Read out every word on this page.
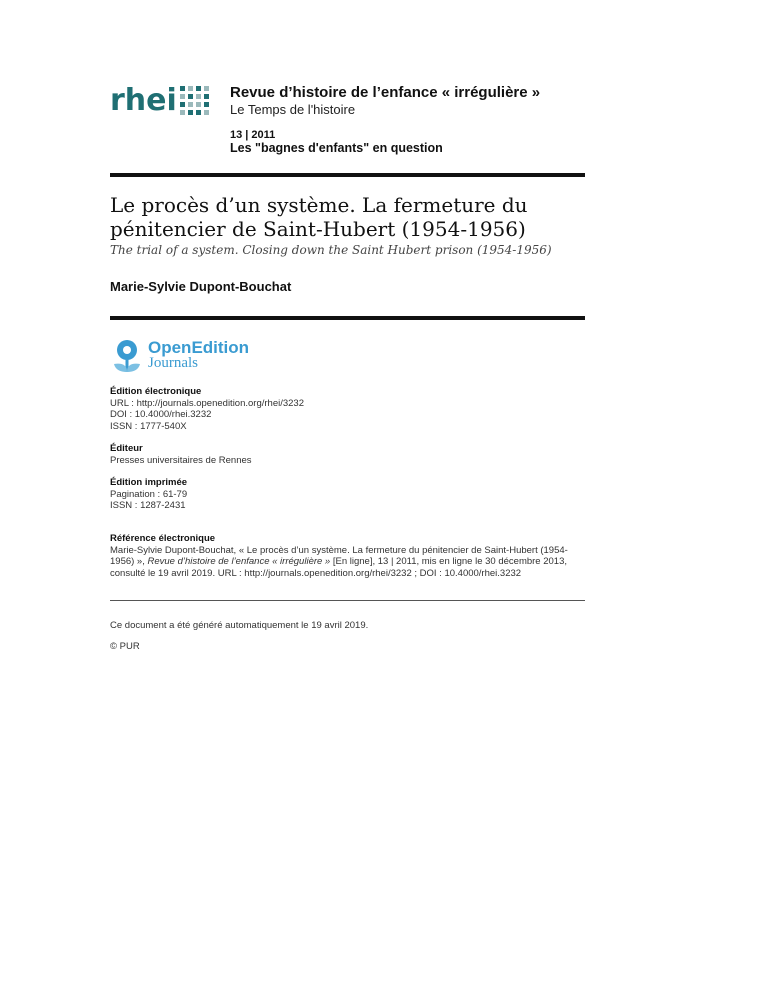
rhei	Revue d’histoire de l’enfance « irrégulière »
Le Temps de l'histoire
13 | 2011
Les "bagnes d'enfants" en question
Le procès d’un système. La fermeture du pénitencier de Saint-Hubert (1954-1956)
The trial of a system. Closing down the Saint Hubert prison (1954-1956)
Marie-Sylvie Dupont-Bouchat
OpenEdition
Journals
Édition électronique
URL : http://journals.openedition.org/rhei/3232
DOI : 10.4000/rhei.3232
ISSN : 1777-540X
Éditeur
Presses universitaires de Rennes
Édition imprimée
Pagination : 61-79
ISSN : 1287-2431
Référence électronique
Marie-Sylvie Dupont-Bouchat, « Le procès d’un système. La fermeture du pénitencier de Saint-Hubert (1954-1956) », Revue d’histoire de l’enfance « irrégulière » [En ligne], 13 | 2011, mis en ligne le 30 décembre 2013, consulté le 19 avril 2019. URL : http://journals.openedition.org/rhei/3232 ; DOI : 10.4000/rhei.3232
Ce document a été généré automatiquement le 19 avril 2019.
© PUR
